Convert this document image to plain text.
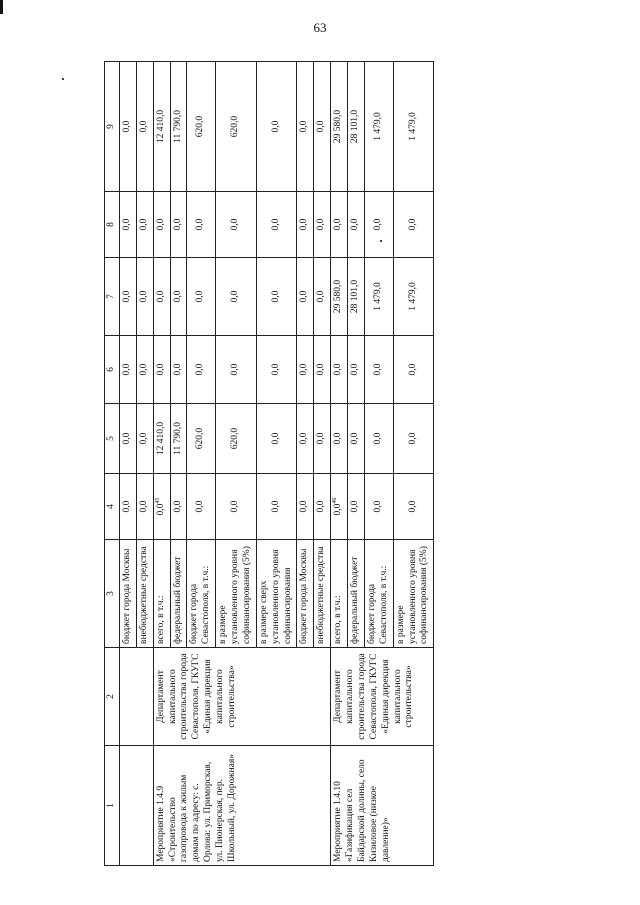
63
1	2	3	4	5	6	7	8	9
		бюджет города Москвы	0,0	0,0	0,0	0,0	0,0	0,0
		внебюджетные средства	0,0	0,0	0,0	0,0	0,0	0,0
Мероприятие 1.4.9 «Строительство газопровода к жилым домам по адресу: с. Орлова: ул. Приморская, ул. Пионерская, пер. Школьный, ул. Дорожная»	Департамент капитального строительства города Севастополя, ГКУГС «Единая дирекция капитального строительства»	всего, в т.ч.:	$0,0^{45}$	12 410,0	0,0	0,0	0,0	12 410,0
		федеральный бюджет	0,0	11 790,0	0,0	0,0	0,0	11 790,0
		бюджет города Севастополя, в т.ч.:	0,0	620,0	0,0	0,0	0,0	620,0
		в размере установленного уровня софинансирования (5%)	0,0	620,0	0,0	0,0	0,0	620,0
		в размере сверх установленного уровня софинансирования	0,0	0,0	0,0	0,0	0,0	0,0
		бюджет города Москвы	0,0	0,0	0,0	0,0	0,0	0,0
		внебюджетные средства	0,0	0,0	0,0	0,0	0,0	0,0
Мероприятие 1.4.10 «Газификация сел Байдарской долины, село Кизиловое (низкое давление)»	Департамент капитального строительства города Севастополя, ГКУГС «Единая дирекция капитального строительства»	всего, в т.ч.:	$0,0^{46}$	0,0	0,0	29 580,0	0,0	29 580,0
		федеральный бюджет	0,0	0,0	0,0	28 101,0	0,0	28 101,0
		бюджет города Севастополя, в т.ч.:	0,0	0,0	0,0	1 479,0	0,0	1 479,0
		в размере установленного уровня софинансирования (5%)	0,0	0,0	0,0	1 479,0	0,0	1 479,0
